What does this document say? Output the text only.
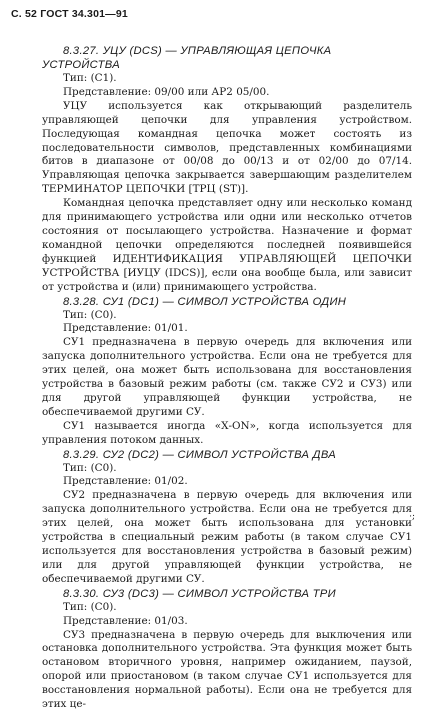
С. 52 ГОСТ 34.301—91
·;
8.3.27. УЦУ (DCS) — УПРАВЛЯЮЩАЯ ЦЕПОЧКА УСТРОЙСТВА
Тип: (С1).
Представление: 09/00 или АР2 05/00.

УЦУ используется как открывающий разделитель управляющей цепочки для управления устройством. Последующая командная цепочка может состоять из последовательности символов, представленных комбинациями битов в диапазоне от 00/08 до 00/13 и от 02/00 до 07/14. Управляющая цепочка закрывается завершающим разделителем ТЕРМИНАТОР ЦЕПОЧКИ [ТРЦ (ST)].

Командная цепочка представляет одну или несколько команд для принимающего устройства или одни или несколько отчетов состояния от посылающего устройства. Назначение и формат командной цепочки определяются последней появившейся функцией ИДЕНТИФИКАЦИЯ УПРАВЛЯЮЩЕЙ ЦЕПОЧКИ УСТРОЙСТВА [ИУЦУ (IDCS)], если она вообще была, или зависит от устройства и (или) принимающего устройства.

8.3.28. СУ1 (DC1) — СИМВОЛ УСТРОЙСТВА ОДИН
Тип: (С0).
Представление: 01/01.

СУ1 предназначена в первую очередь для включения или запуска дополнительного устройства. Если она не требуется для этих целей, она может быть использована для восстановления устройства в базовый режим работы (см. также СУ2 и СУ3) или для другой управляющей функции устройства, не обеспечиваемой другими СУ.

СУ1 называется иногда «Х-ON», когда используется для управления потоком данных.

8.3.29. СУ2 (DC2) — СИМВОЛ УСТРОЙСТВА ДВА
Тип: (С0).
Представление: 01/02.

СУ2 предназначена в первую очередь для включения или запуска дополнительного устройства. Если она не требуется для этих целей, она может быть использована для установки устройства в специальный режим работы (в таком случае СУ1 используется для восстановления устройства в базовый режим) или для другой управляющей функции устройства, не обеспечиваемой другими СУ.

8.3.30. СУ3 (DC3) — СИМВОЛ УСТРОЙСТВА ТРИ
Тип: (С0).
Представление: 01/03.

СУ3 предназначена в первую очередь для выключения или остановка дополнительного устройства. Эта функция может быть остановом вторичного уровня, например ожиданием, паузой, опорой или приостановом (в таком случае СУ1 используется для восстановления нормальной работы). Если она не требуется для этих це-
